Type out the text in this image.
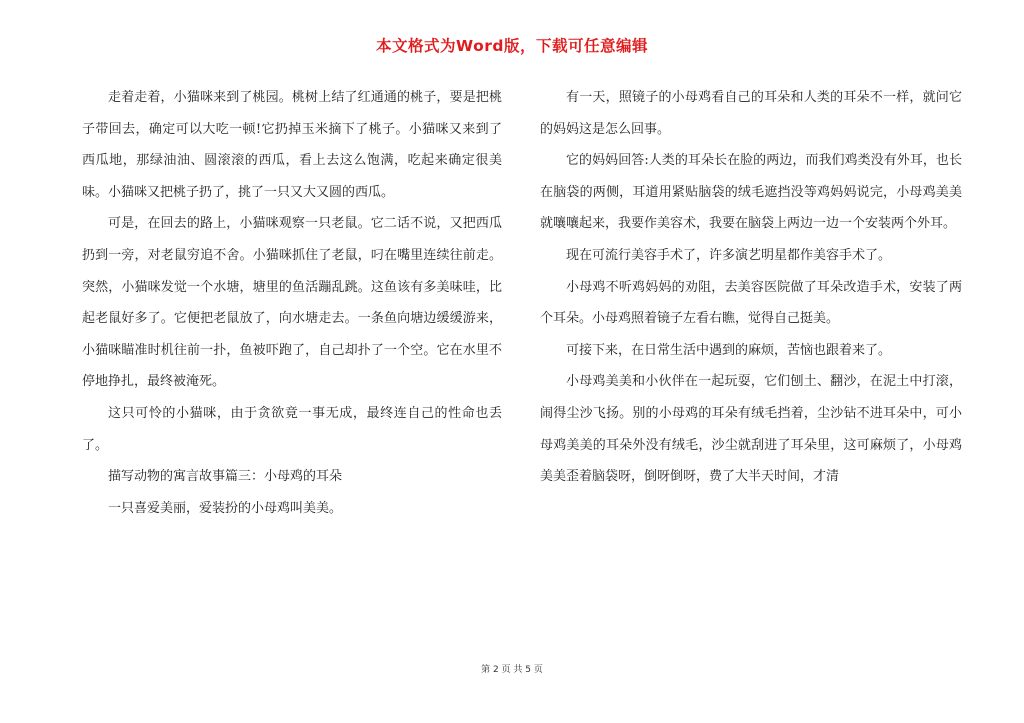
本文格式为Word版，下载可任意编辑

走着走着，小猫咪来到了桃园。桃树上结了红通通的桃子，要是把桃子带回去，确定可以大吃一顿!它扔掉玉米摘下了桃子。小猫咪又来到了西瓜地，那绿油油、圆滚滚的西瓜，看上去这么饱满，吃起来确定很美味。小猫咪又把桃子扔了，挑了一只又大又圆的西瓜。

可是，在回去的路上，小猫咪观察一只老鼠。它二话不说，又把西瓜扔到一旁，对老鼠穷追不舍。小猫咪抓住了老鼠，叼在嘴里连续往前走。突然，小猫咪发觉一个水塘，塘里的鱼活蹦乱跳。这鱼该有多美味哇，比起老鼠好多了。它便把老鼠放了，向水塘走去。一条鱼向塘边缓缓游来，小猫咪瞄准时机往前一扑，鱼被吓跑了，自己却扑了一个空。它在水里不停地挣扎，最终被淹死。

这只可怜的小猫咪，由于贪欲竟一事无成，最终连自己的性命也丢了。

描写动物的寓言故事篇三：小母鸡的耳朵

一只喜爱美丽，爱装扮的小母鸡叫美美。

有一天，照镜子的小母鸡看自己的耳朵和人类的耳朵不一样，就问它的妈妈这是怎么回事。

它的妈妈回答:人类的耳朵长在脸的两边，而我们鸡类没有外耳，也长在脑袋的两侧，耳道用紧贴脑袋的绒毛遮挡没等鸡妈妈说完，小母鸡美美就嚷嚷起来，我要作美容术，我要在脑袋上两边一边一个安装两个外耳。

现在可流行美容手术了，许多演艺明星都作美容手术了。

小母鸡不听鸡妈妈的劝阻，去美容医院做了耳朵改造手术，安装了两个耳朵。小母鸡照着镜子左看右瞧，觉得自己挺美。

可接下来，在日常生活中遇到的麻烦，苦恼也跟着来了。

小母鸡美美和小伙伴在一起玩耍，它们刨土、翻沙，在泥土中打滚，闹得尘沙飞扬。别的小母鸡的耳朵有绒毛挡着，尘沙钻不进耳朵中，可小母鸡美美的耳朵外没有绒毛，沙尘就刮进了耳朵里，这可麻烦了，小母鸡美美歪着脑袋呀，倒呀倒呀，费了大半天时间，才清

第 2 页 共 5 页
